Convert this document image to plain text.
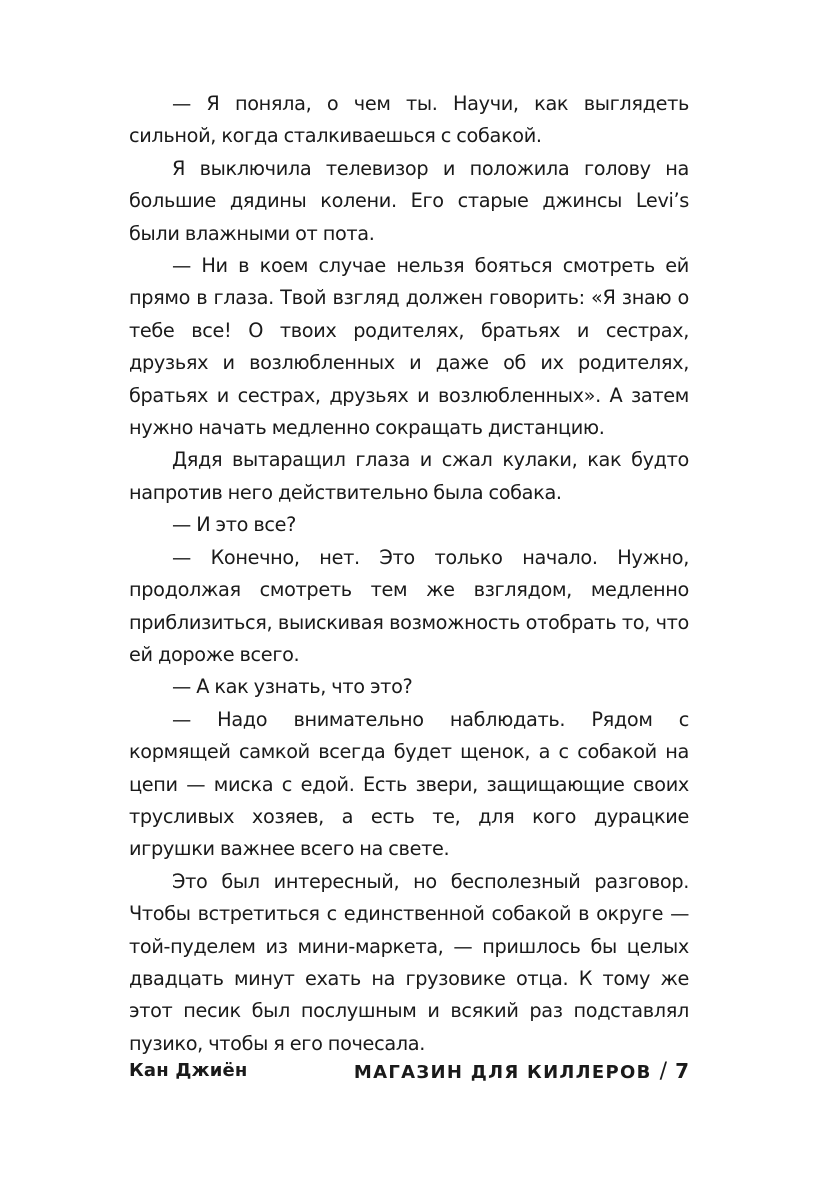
— Я поняла, о чем ты. Научи, как выглядеть сильной, когда сталкиваешься с собакой.

Я выключила телевизор и положила голову на большие дядины колени. Его старые джинсы Levi’s были влажными от пота.

— Ни в коем случае нельзя бояться смотреть ей прямо в глаза. Твой взгляд должен говорить: «Я знаю о тебе все! О твоих родителях, братьях и сестрах, друзьях и возлюбленных и даже об их родителях, братьях и сестрах, друзьях и возлюбленных». А затем нужно начать медленно сокращать дистанцию.

Дядя вытаращил глаза и сжал кулаки, как будто напротив него действительно была собака.

— И это все?

— Конечно, нет. Это только начало. Нужно, продолжая смотреть тем же взглядом, медленно приблизиться, выискивая возможность отобрать то, что ей дороже всего.

— А как узнать, что это?

— Надо внимательно наблюдать. Рядом с кормящей самкой всегда будет щенок, а с собакой на цепи — миска с едой. Есть звери, защищающие своих трусливых хозяев, а есть те, для кого дурацкие игрушки важнее всего на свете.

Это был интересный, но бесполезный разговор. Чтобы встретиться с единственной собакой в округе — той-пуделем из мини-маркета, — пришлось бы целых двадцать минут ехать на грузовике отца. К тому же этот песик был послушным и всякий раз подставлял пузико, чтобы я его почесала.

Кан Джиён	МАГАЗИН ДЛЯ КИЛЛЕРОВ / 7
